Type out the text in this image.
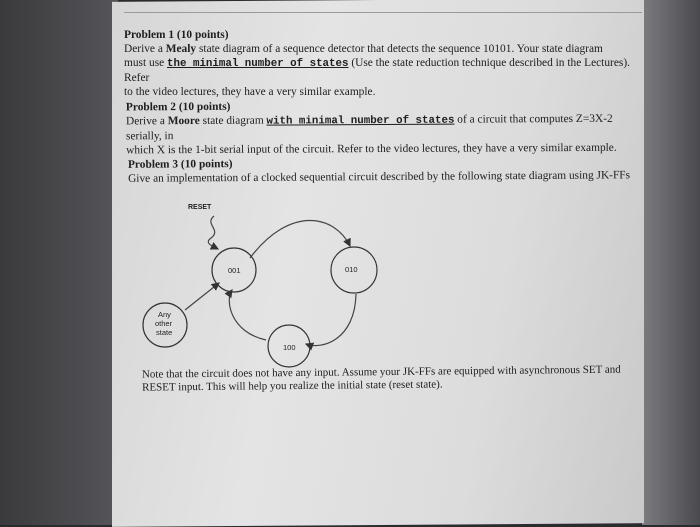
Problem 1 (10 points)
Derive a Mealy state diagram of a sequence detector that detects the sequence 10101. Your state diagram
must use the minimal number of states (Use the state reduction technique described in the Lectures). Refer
to the video lectures, they have a very similar example.
Problem 2 (10 points)
Derive a Moore state diagram with minimal number of states of a circuit that computes Z=3X-2 serially, in
which X is the 1-bit serial input of the circuit. Refer to the video lectures, they have a very similar example.
Problem 3 (10 points)
Give an implementation of a clocked sequential circuit described by the following state diagram using JK-FFs
RESET
001	010
100
Any
other
state
Note that the circuit does not have any input. Assume your JK-FFs are equipped with asynchronous SET and
RESET input. This will help you realize the initial state (reset state).
